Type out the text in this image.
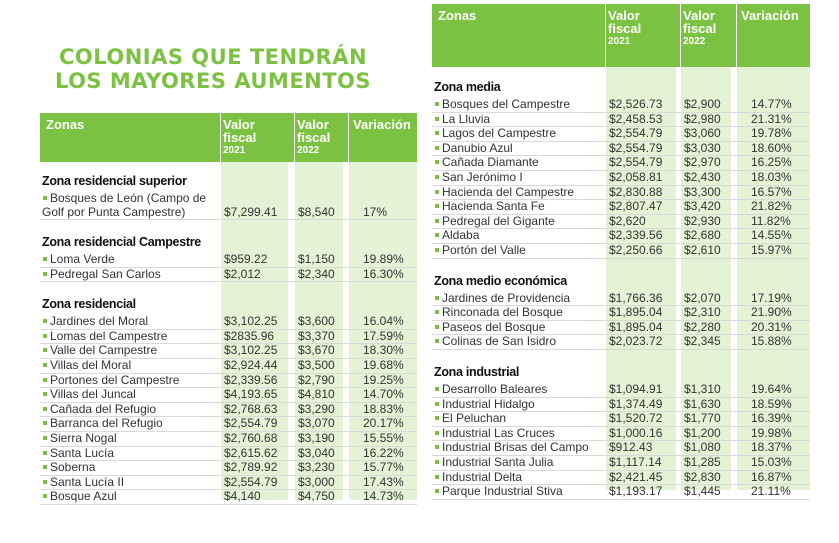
COLONIAS QUE TENDRÁN
LOS MAYORES AUMENTOS
Zonas	Valor
fiscal
2021
Valor
fiscal
2022
Variación
Zona residencial superior
Bosques de León (Campo de
Golf por Punta Campestre)	$7,299.41 $8,540 17%
Zona residencial Campestre
Loma Verde	$959.22	$1,150 19.89%
Pedregal San Carlos	$2,012	$2,340 16.30%
Zona residencial
Jardines del Moral	$3,102.25 $3,600 16.04%
Lomas del Campestre	$2835.96 $3,370 17.59%
Valle del Campestre	$3,102.25 $3,670 18.30%
Villas del Moral	$2,924.44 $3,500 19.68%
Portones del Campestre	$2,339.56 $2,790 19.25%
Villas del Juncal	$4,193.65 $4,810 14.70%
Cañada del Refugio	$2,768.63 $3,290 18.83%
Barranca del Refugio	$2,554.79 $3,070 20.17%
Sierra Nogal	$2,760.68 $3,190 15.55%
Santa Lucía	$2,615.62 $3,040 16.22%
Soberna	$2,789.92 $3,230 15.77%
Santa Lucía II	$2,554.79 $3,000 17.43%
Bosque Azul	$4,140	$4,750 14.73%
Zonas	Valor
fiscal
2021
Valor
fiscal
2022
Variación
Zona media
Bosques del Campestre	$2,526.73 $2,900	14.77%
La Lluvia	$2,458.53 $2,980	21.31%
Lagos del Campestre	$2,554.79 $3,060	19.78%
Danubio Azul	$2,554.79 $3,030	18.60%
Cañada Diamante	$2,554.79 $2,970	16.25%
San Jerónimo I	$2,058.81 $2,430	18.03%
Hacienda del Campestre	$2,830.88 $3,300	16.57%
Hacienda Santa Fe	$2,807.47 $3,420	21.82%
Pedregal del Gigante	$2,620	$2,930	11.82%
Aldaba	$2,339.56 $2,680	14.55%
Portón del Valle	$2,250.66 $2,610	15.97%
Zona medio económica
Jardines de Providencia	$1,766.36 $2,070	17.19%
Rinconada del Bosque	$1,895.04 $2,310	21.90%
Paseos del Bosque	$1,895.04 $2,280	20.31%
Colinas de San Isidro	$2,023.72 $2,345	15.88%
Zona industrial
Desarrollo Baleares	$1,094.91 $1,310	19.64%
Industrial Hidalgo	$1,374.49 $1,630	18.59%
El Peluchan	$1,520.72 $1,770	16.39%
Industrial Las Cruces	$1,000.16 $1,200	19.98%
Industrial Brisas del Campo $912.43	$1,080	18.37%
Industrial Santa Julia	$1,117.14 $1,285	15.03%
Industrial Delta	$2,421.45 $2,830	16.87%
Parque Industrial Stiva	$1,193.17 $1,445	21.11%
